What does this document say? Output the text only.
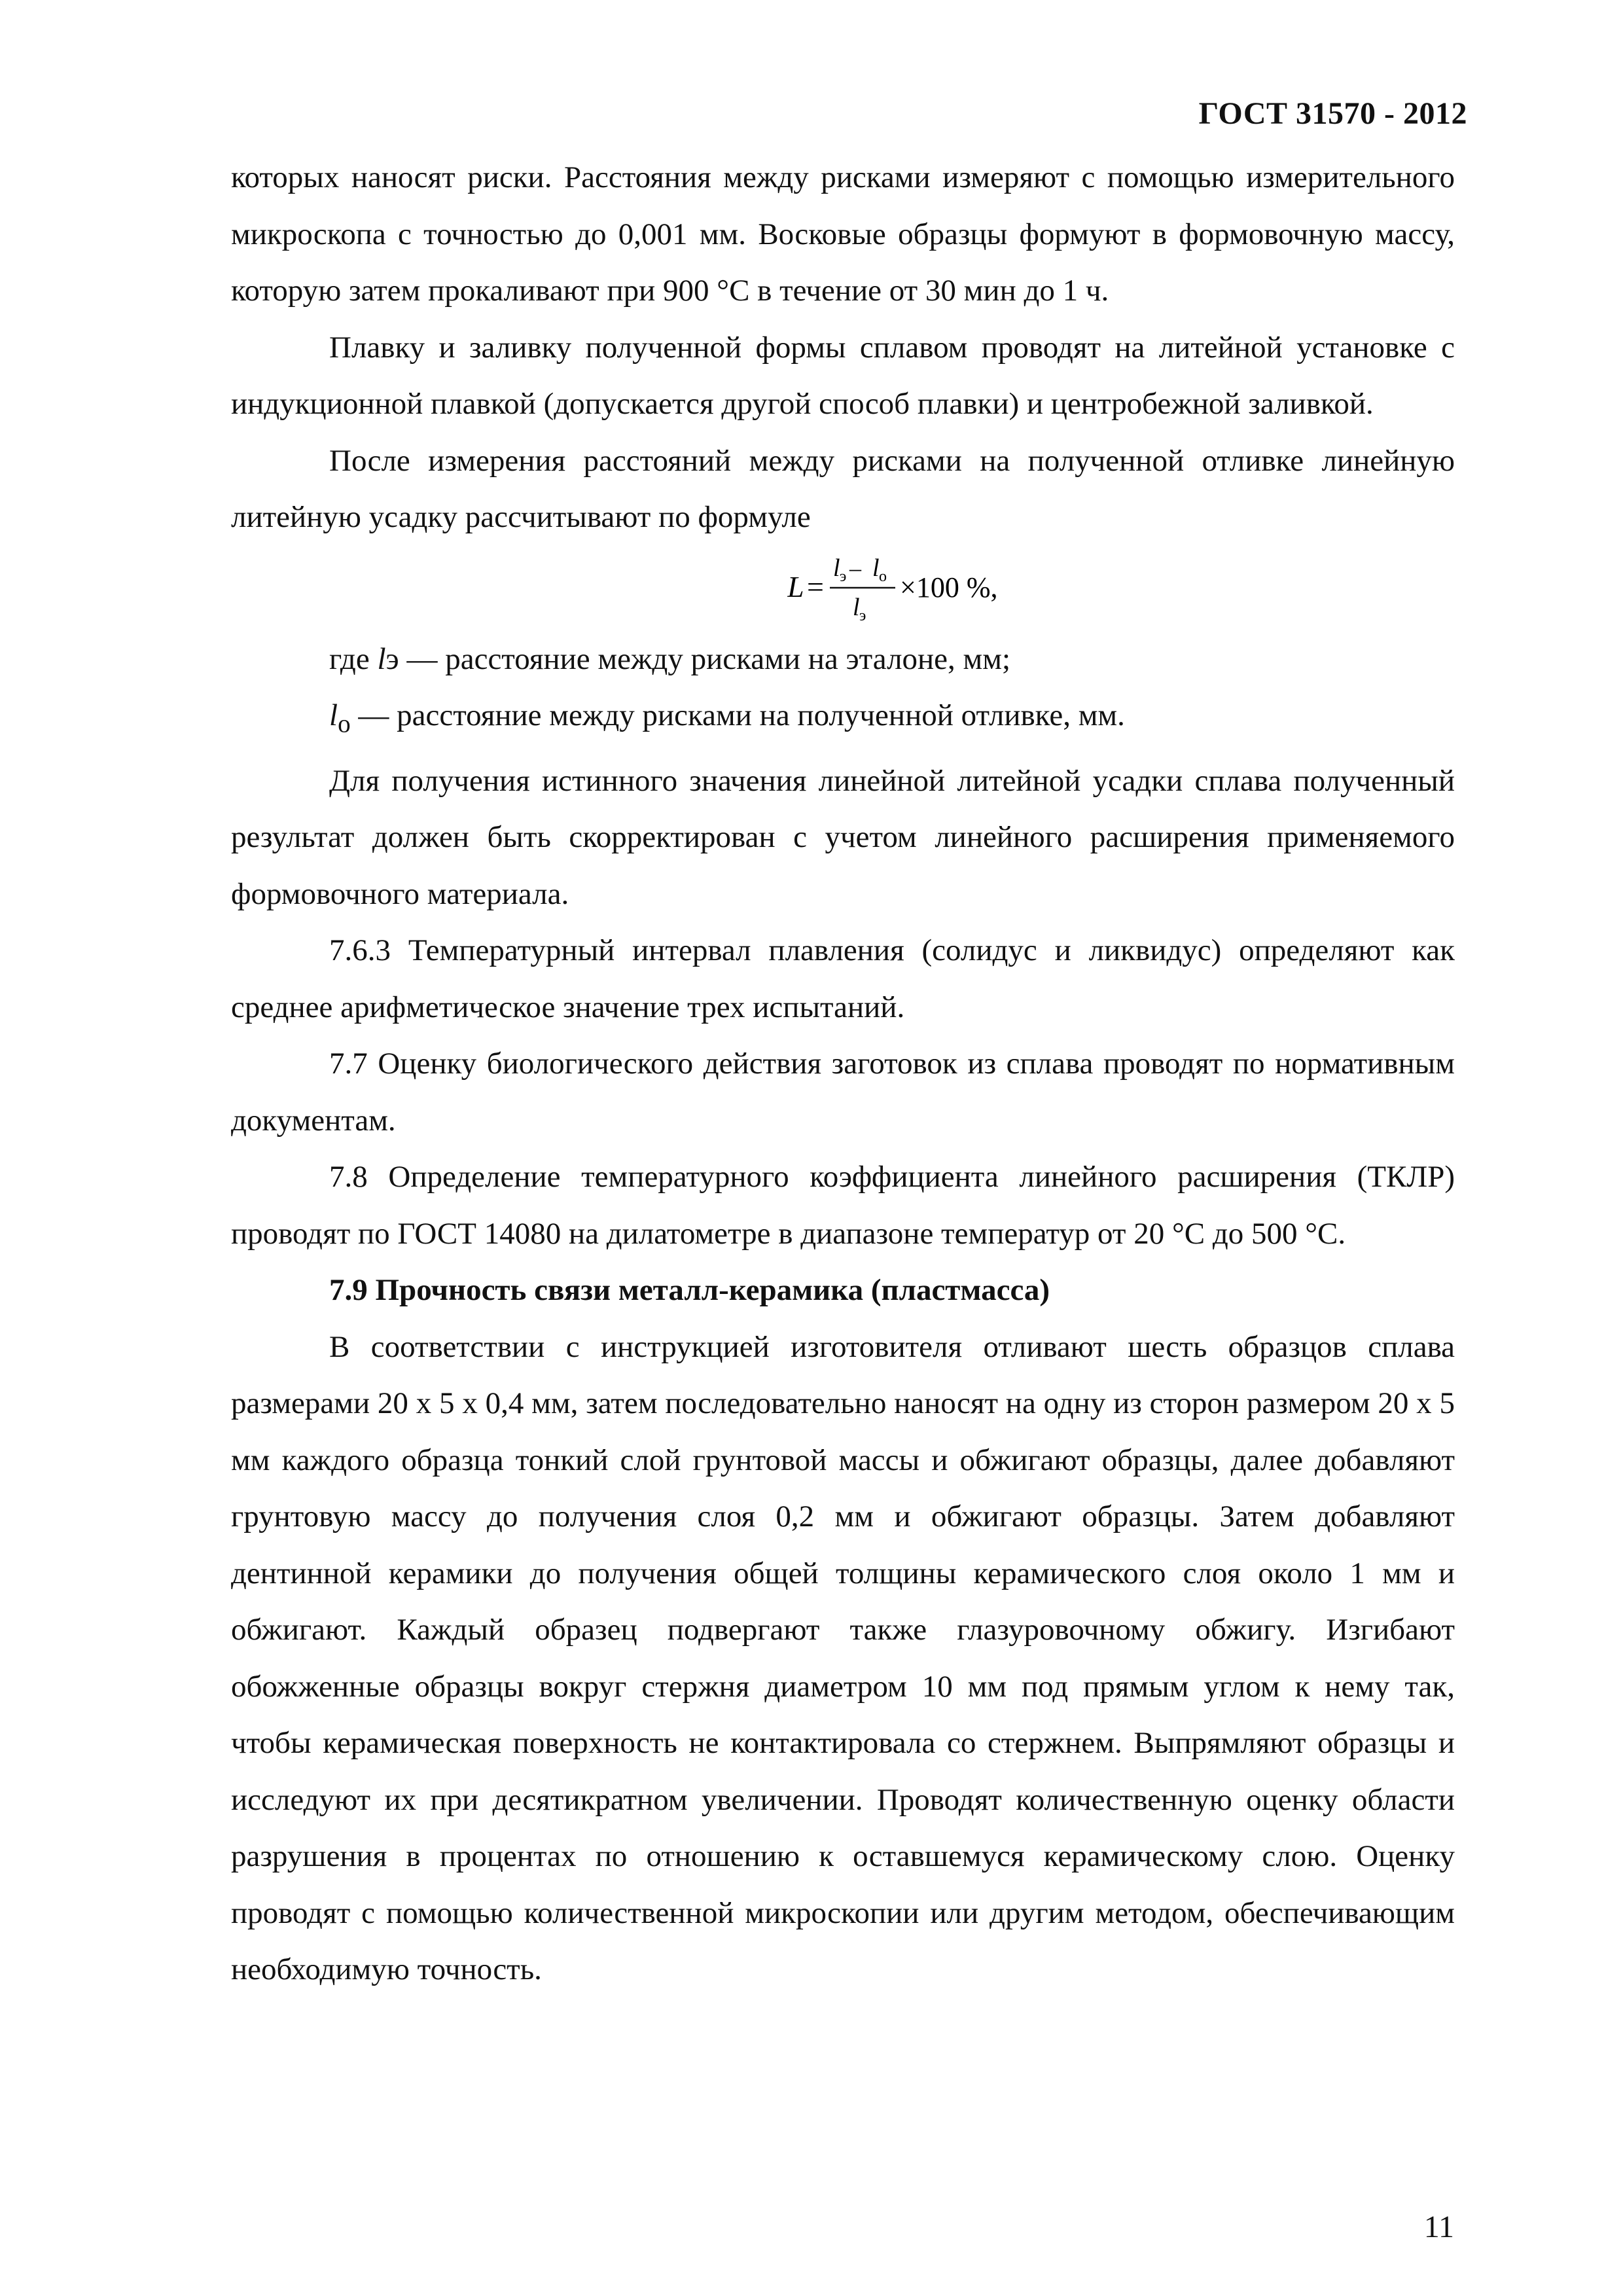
ГОСТ 31570 - 2012

которых наносят риски. Расстояния между рисками измеряют с помощью измерительного микроскопа с точностью до 0,001 мм. Восковые образцы формуют в формовочную массу, которую затем прокаливают при 900 °С в течение от 30 мин до 1 ч.

Плавку и заливку полученной формы сплавом проводят на литейной установке с индукционной плавкой (допускается другой способ плавки) и центробежной заливкой.

После измерения расстояний между рисками на полученной отливке линейную литейную усадку рассчитывают по формуле

L =
l э – l о
l э
×100 %,

где lэ — расстояние между рисками на эталоне, мм;

$l_о$ — расстояние между рисками на полученной отливке, мм.

Для получения истинного значения линейной литейной усадки сплава полученный результат должен быть скорректирован с учетом линейного расширения применяемого формовочного материала.

7.6.3 Температурный интервал плавления (солидус и ликвидус) определяют как среднее арифметическое значение трех испытаний.

7.7 Оценку биологического действия заготовок из сплава проводят по нормативным документам.

7.8 Определение температурного коэффициента линейного расширения (ТКЛР) проводят по ГОСТ 14080 на дилатометре в диапазоне температур от 20 °С до 500 °С.

7.9 Прочность связи металл-керамика (пластмасса)

В соответствии с инструкцией изготовителя отливают шесть образцов сплава размерами 20 х 5 х 0,4 мм, затем последовательно наносят на одну из сторон размером 20 х 5 мм каждого образца тонкий слой грунтовой массы и обжигают образцы, далее добавляют грунтовую массу до получения слоя 0,2 мм и обжигают образцы. Затем добавляют дентинной керамики до получения общей толщины керамического слоя около 1 мм и обжигают. Каждый образец подвергают также глазуровочному обжигу. Изгибают обожженные образцы вокруг стержня диаметром 10 мм под прямым углом к нему так, чтобы керамическая поверхность не контактировала со стержнем. Выпрямляют образцы и исследуют их при десятикратном увеличении. Проводят количественную оценку области разрушения в процентах по отношению к оставшемуся керамическому слою. Оценку проводят с помощью количественной микроскопии или другим методом, обеспечивающим необходимую точность.

11
